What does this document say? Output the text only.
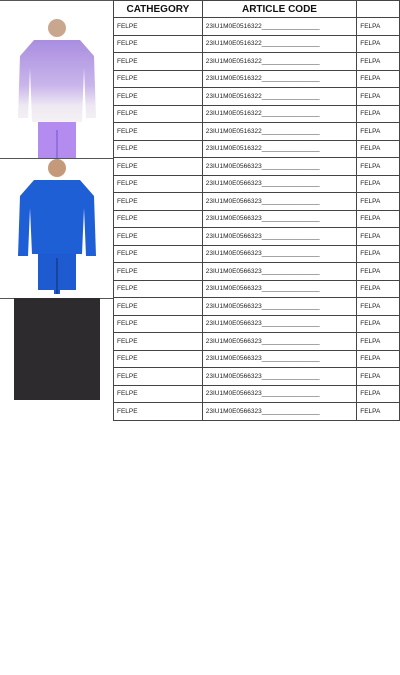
ICE PLAY
CATHEGORY	ARTICLE CODE	
FELPE	23IU1M0E0516322________________	FELPA
FELPE	23IU1M0E0516322________________	FELPA
FELPE	23IU1M0E0516322________________	FELPA
FELPE	23IU1M0E0516322________________	FELPA
FELPE	23IU1M0E0516322________________	FELPA
FELPE	23IU1M0E0516322________________	FELPA
FELPE	23IU1M0E0516322________________	FELPA
FELPE	23IU1M0E0516322________________	FELPA
FELPE	23IU1M0E0566323________________	FELPA
FELPE	23IU1M0E0566323________________	FELPA
FELPE	23IU1M0E0566323________________	FELPA
FELPE	23IU1M0E0566323________________	FELPA
FELPE	23IU1M0E0566323________________	FELPA
FELPE	23IU1M0E0566323________________	FELPA
FELPE	23IU1M0E0566323________________	FELPA
FELPE	23IU1M0E0566323________________	FELPA
FELPE	23IU1M0E0566323________________	FELPA
FELPE	23IU1M0E0566323________________	FELPA
FELPE	23IU1M0E0566323________________	FELPA
FELPE	23IU1M0E0566323________________	FELPA
FELPE	23IU1M0E0566323________________	FELPA
FELPE	23IU1M0E0566323________________	FELPA
FELPE	23IU1M0E0566323________________	FELPA
